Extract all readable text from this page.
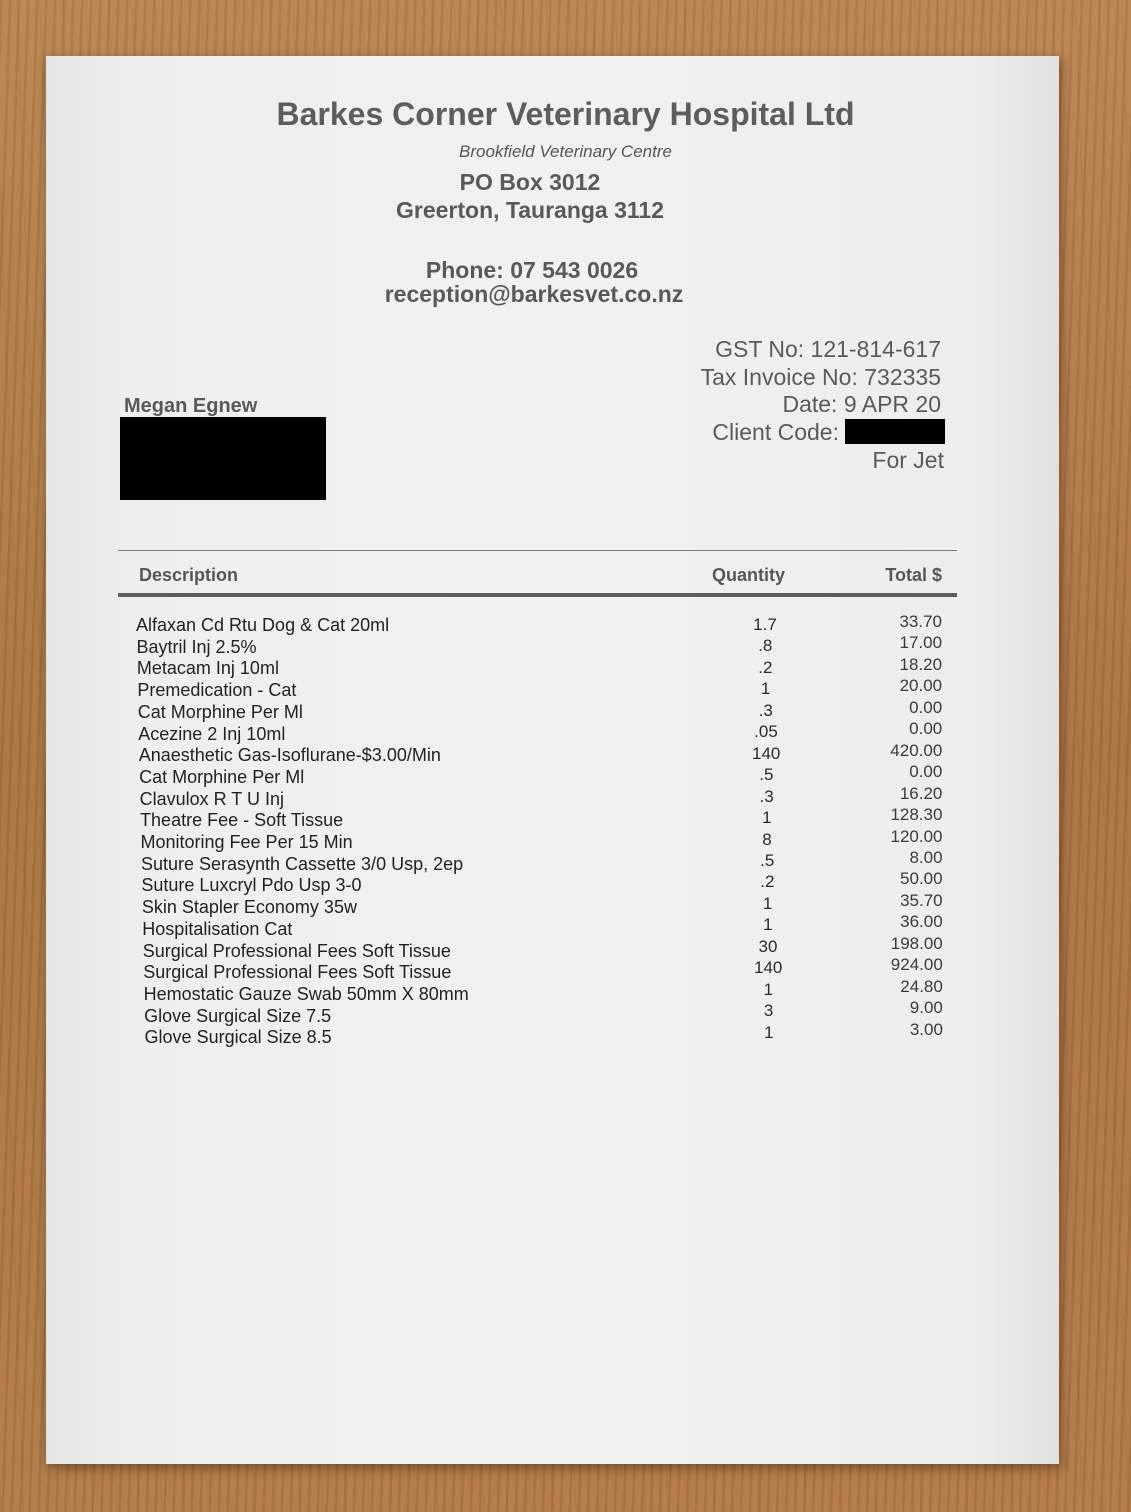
Barkes Corner Veterinary Hospital Ltd
Brookfield Veterinary Centre
PO Box 3012
Greerton, Tauranga 3112
Phone: 07 543 0026
reception@barkesvet.co.nz
GST No: 121-814-617
Tax Invoice No: 732335
Date: 9 APR 20
Client Code:
For Jet
Megan Egnew
Description	Quantity	Total $
Alfaxan Cd Rtu Dog & Cat 20ml	1.7	33.70
Baytril Inj 2.5%	.8	17.00
Metacam Inj 10ml	.2	18.20
Premedication - Cat	1	20.00
Cat Morphine Per Ml	.3	0.00
Acezine 2 Inj 10ml	.05	0.00
Anaesthetic Gas-Isoflurane-$3.00/Min	140	420.00
Cat Morphine Per Ml	.5	0.00
Clavulox R T U Inj	.3	16.20
Theatre Fee - Soft Tissue	1	128.30
Monitoring Fee Per 15 Min	8	120.00
Suture Serasynth Cassette 3/0 Usp, 2ep	.5	8.00
Suture Luxcryl Pdo Usp 3-0	.2	50.00
Skin Stapler Economy 35w	1	35.70
Hospitalisation Cat	1	36.00
Surgical Professional Fees Soft Tissue	30	198.00
Surgical Professional Fees Soft Tissue	140	924.00
Hemostatic Gauze Swab 50mm X 80mm	1	24.80
Glove Surgical Size 7.5	3	9.00
Glove Surgical Size 8.5	1	3.00
